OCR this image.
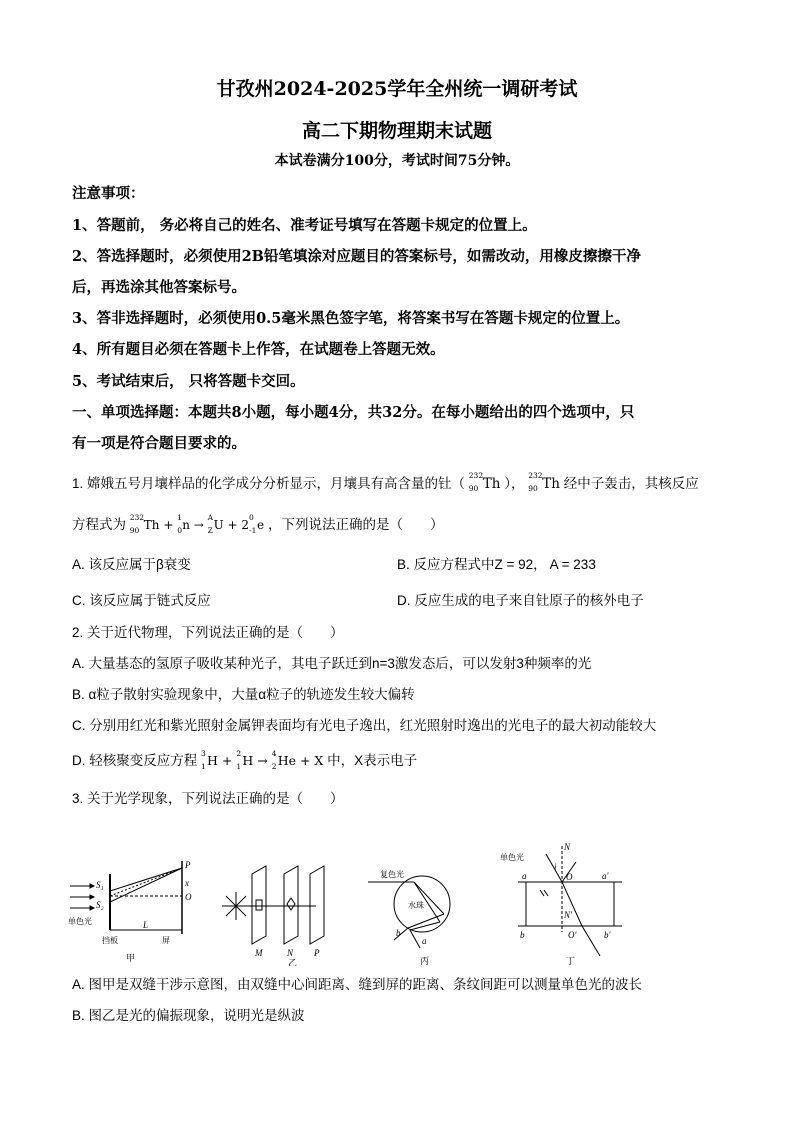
甘孜州2024-2025学年全州统一调研考试
高二下期物理期末试题
本试卷满分100分，考试时间75分钟。
注意事项：
1、答题前， 务必将自己的姓名、准考证号填写在答题卡规定的位置上。
2、答选择题时，必须使用2B铅笔填涂对应题目的答案标号，如需改动，用橡皮擦擦干净
后，再选涂其他答案标号。
3、答非选择题时，必须使用0.5毫米黑色签字笔，将答案书写在答题卡规定的位置上。
4、所有题目必须在答题卡上作答，在试题卷上答题无效。
5、考试结束后， 只将答题卡交回。
一、单项选择题：本题共8小题，每小题4分，共32分。在每小题给出的四个选项中，只
有一项是符合题目要求的。
1. 嫦娥五号月壤样品的化学成分分析显示，月壤具有高含量的钍（
232
90 Th ），
232
90 Th 经中子轰击，其核反应
方程式为 232
90 Th +
1
0 n →
A
Z U + 2
0
-1 e ，下列说法正确的是（　　）
A. 该反应属于β衰变	B. 反应方程式中Z = 92， A = 233
C. 该反应属于链式反应	D. 反应生成的电子来自钍原子的核外电子
2. 关于近代物理，下列说法正确的是（　　）
A. 大量基态的氢原子吸收某种光子，其电子跃迁到n=3激发态后，可以发射3种频率的光
B. α粒子散射实验现象中，大量α粒子的轨迹发生较大偏转
C. 分别用红光和紫光照射金属钾表面均有光电子逸出，红光照射时逸出的光电子的最大初动能较大
D. 轻核聚变反应方程 3
1 H + 2
1 H → 4
2 He + X 中，X表示电子
3. 关于光学现象，下列说法正确的是（　　）
S₁
S₂
P
x
O
L
单色光
挡板	屏
甲
M	N P
乙
复色光
水珠
a
b
丙
单色光
N
i
a	O	a'
N'
b	O'	b'
丁
A. 图甲是双缝干涉示意图，由双缝中心间距离、缝到屏的距离、条纹间距可以测量单色光的波长
B. 图乙是光的偏振现象，说明光是纵波
